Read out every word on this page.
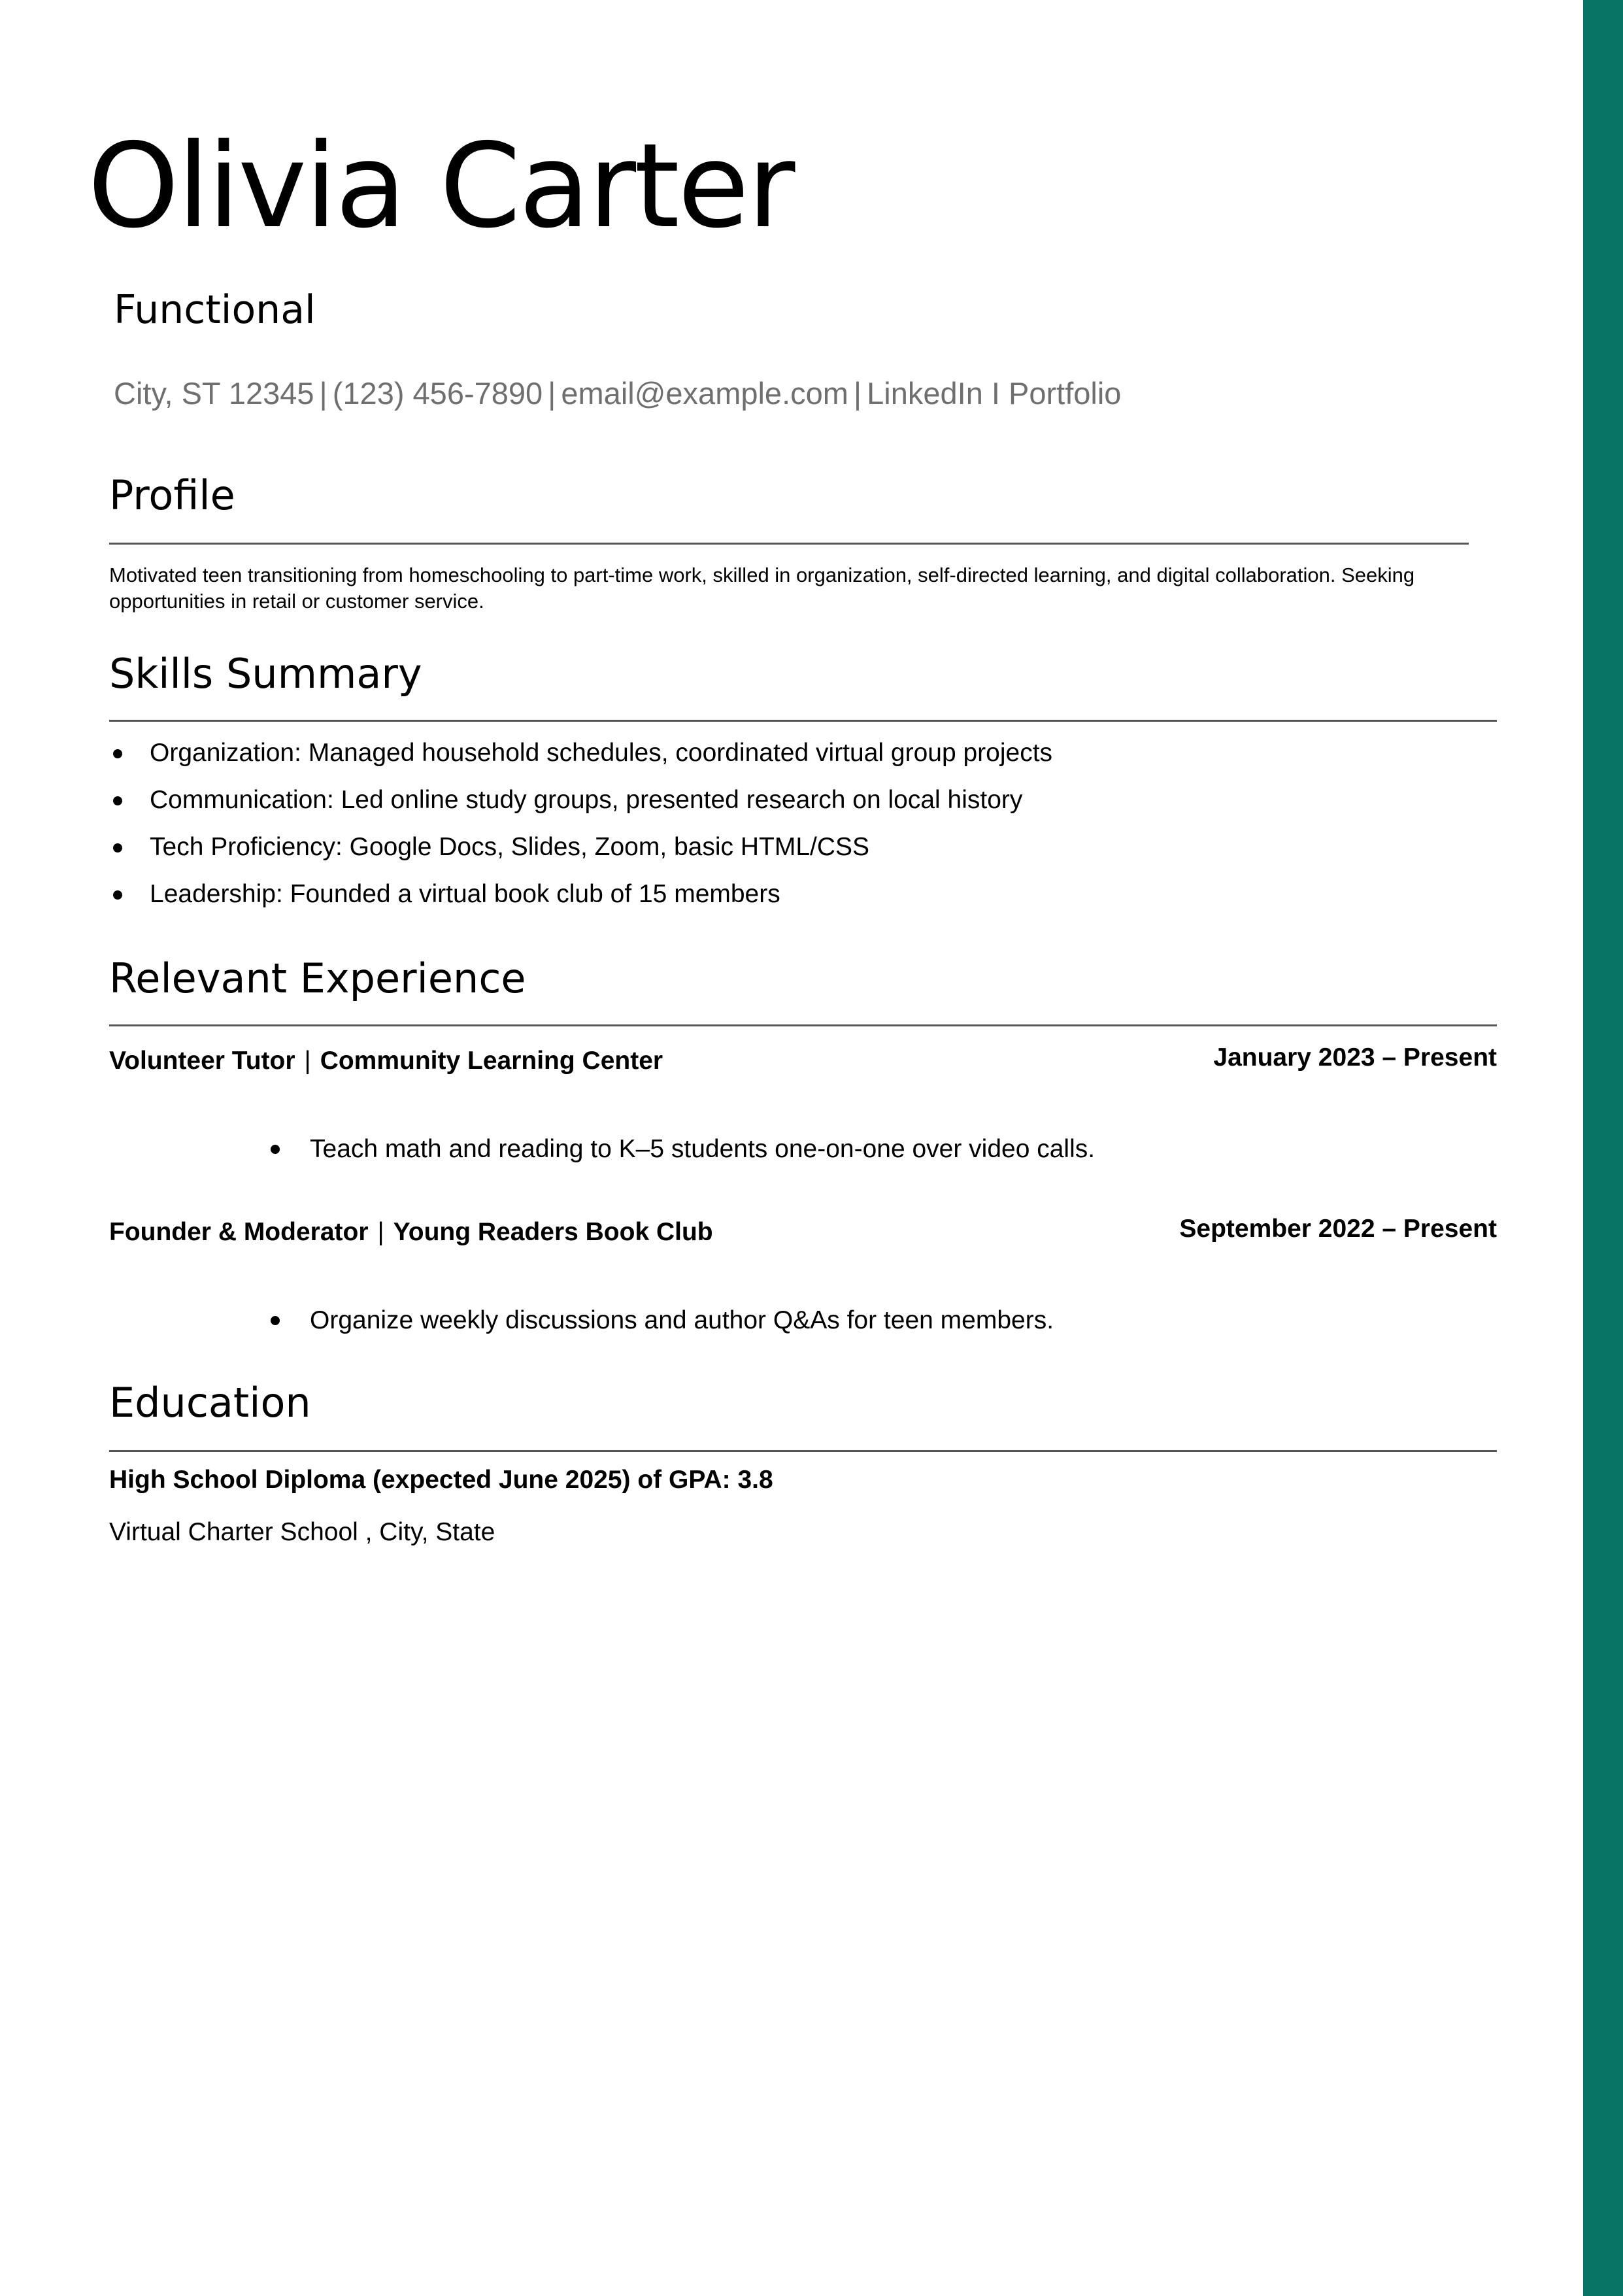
Olivia Carter
Functional
City, ST 12345 | (123) 456-7890 | email@example.com | LinkedIn I Portfolio
Profile
Motivated teen transitioning from homeschooling to part-time work, skilled in organization, self-directed learning, and digital collaboration. Seeking opportunities in retail or customer service.
Skills Summary
Organization: Managed household schedules, coordinated virtual group projects
Communication: Led online study groups, presented research on local history
Tech Proficiency: Google Docs, Slides, Zoom, basic HTML/CSS
Leadership: Founded a virtual book club of 15 members
Relevant Experience
Volunteer Tutor | Community Learning Center	January 2023 – Present
Teach math and reading to K–5 students one-on-one over video calls.
Founder & Moderator | Young Readers Book Club	September 2022 – Present
Organize weekly discussions and author Q&As for teen members.
Education
High School Diploma (expected June 2025) of GPA: 3.8
Virtual Charter School , City, State
